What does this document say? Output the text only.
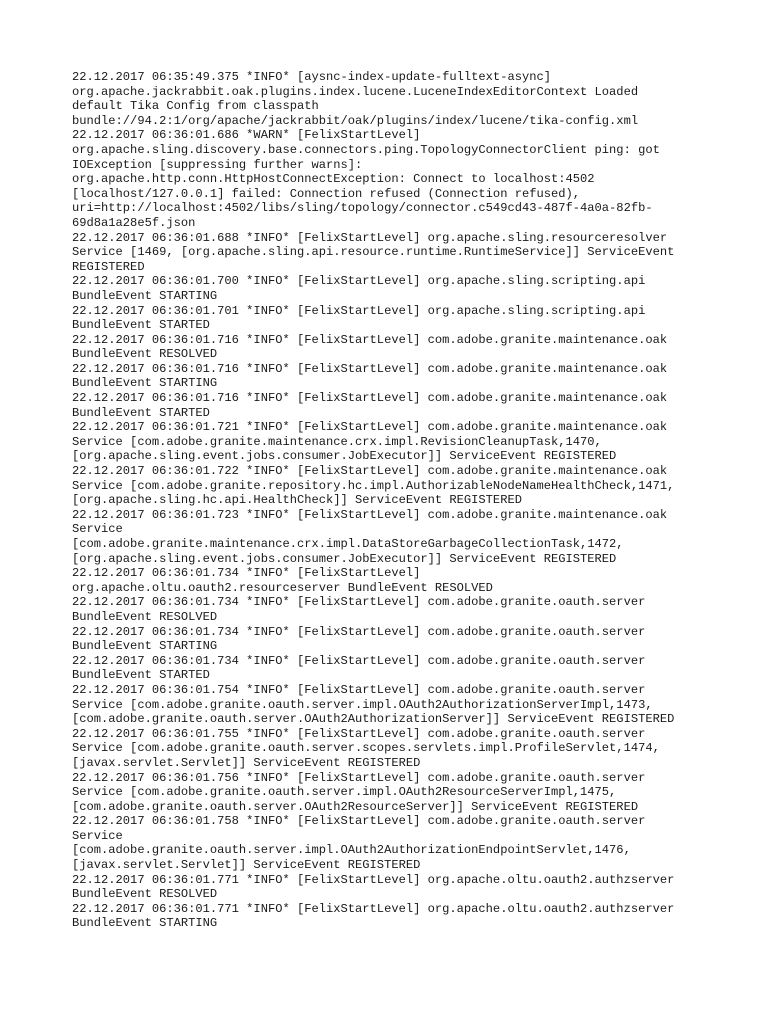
22.12.2017 06:35:49.375 *INFO* [aysnc-index-update-fulltext-async]
org.apache.jackrabbit.oak.plugins.index.lucene.LuceneIndexEditorContext Loaded
default Tika Config from classpath
bundle://94.2:1/org/apache/jackrabbit/oak/plugins/index/lucene/tika-config.xml
22.12.2017 06:36:01.686 *WARN* [FelixStartLevel]
org.apache.sling.discovery.base.connectors.ping.TopologyConnectorClient ping: got
IOException [suppressing further warns]:
org.apache.http.conn.HttpHostConnectException: Connect to localhost:4502
[localhost/127.0.0.1] failed: Connection refused (Connection refused),
uri=http://localhost:4502/libs/sling/topology/connector.c549cd43-487f-4a0a-82fb-
69d8a1a28e5f.json
22.12.2017 06:36:01.688 *INFO* [FelixStartLevel] org.apache.sling.resourceresolver
Service [1469, [org.apache.sling.api.resource.runtime.RuntimeService]] ServiceEvent
REGISTERED
22.12.2017 06:36:01.700 *INFO* [FelixStartLevel] org.apache.sling.scripting.api
BundleEvent STARTING
22.12.2017 06:36:01.701 *INFO* [FelixStartLevel] org.apache.sling.scripting.api
BundleEvent STARTED
22.12.2017 06:36:01.716 *INFO* [FelixStartLevel] com.adobe.granite.maintenance.oak
BundleEvent RESOLVED
22.12.2017 06:36:01.716 *INFO* [FelixStartLevel] com.adobe.granite.maintenance.oak
BundleEvent STARTING
22.12.2017 06:36:01.716 *INFO* [FelixStartLevel] com.adobe.granite.maintenance.oak
BundleEvent STARTED
22.12.2017 06:36:01.721 *INFO* [FelixStartLevel] com.adobe.granite.maintenance.oak
Service [com.adobe.granite.maintenance.crx.impl.RevisionCleanupTask,1470,
[org.apache.sling.event.jobs.consumer.JobExecutor]] ServiceEvent REGISTERED
22.12.2017 06:36:01.722 *INFO* [FelixStartLevel] com.adobe.granite.maintenance.oak
Service [com.adobe.granite.repository.hc.impl.AuthorizableNodeNameHealthCheck,1471,
[org.apache.sling.hc.api.HealthCheck]] ServiceEvent REGISTERED
22.12.2017 06:36:01.723 *INFO* [FelixStartLevel] com.adobe.granite.maintenance.oak
Service
[com.adobe.granite.maintenance.crx.impl.DataStoreGarbageCollectionTask,1472,
[org.apache.sling.event.jobs.consumer.JobExecutor]] ServiceEvent REGISTERED
22.12.2017 06:36:01.734 *INFO* [FelixStartLevel]
org.apache.oltu.oauth2.resourceserver BundleEvent RESOLVED
22.12.2017 06:36:01.734 *INFO* [FelixStartLevel] com.adobe.granite.oauth.server
BundleEvent RESOLVED
22.12.2017 06:36:01.734 *INFO* [FelixStartLevel] com.adobe.granite.oauth.server
BundleEvent STARTING
22.12.2017 06:36:01.734 *INFO* [FelixStartLevel] com.adobe.granite.oauth.server
BundleEvent STARTED
22.12.2017 06:36:01.754 *INFO* [FelixStartLevel] com.adobe.granite.oauth.server
Service [com.adobe.granite.oauth.server.impl.OAuth2AuthorizationServerImpl,1473,
[com.adobe.granite.oauth.server.OAuth2AuthorizationServer]] ServiceEvent REGISTERED
22.12.2017 06:36:01.755 *INFO* [FelixStartLevel] com.adobe.granite.oauth.server
Service [com.adobe.granite.oauth.server.scopes.servlets.impl.ProfileServlet,1474,
[javax.servlet.Servlet]] ServiceEvent REGISTERED
22.12.2017 06:36:01.756 *INFO* [FelixStartLevel] com.adobe.granite.oauth.server
Service [com.adobe.granite.oauth.server.impl.OAuth2ResourceServerImpl,1475,
[com.adobe.granite.oauth.server.OAuth2ResourceServer]] ServiceEvent REGISTERED
22.12.2017 06:36:01.758 *INFO* [FelixStartLevel] com.adobe.granite.oauth.server
Service
[com.adobe.granite.oauth.server.impl.OAuth2AuthorizationEndpointServlet,1476,
[javax.servlet.Servlet]] ServiceEvent REGISTERED
22.12.2017 06:36:01.771 *INFO* [FelixStartLevel] org.apache.oltu.oauth2.authzserver
BundleEvent RESOLVED
22.12.2017 06:36:01.771 *INFO* [FelixStartLevel] org.apache.oltu.oauth2.authzserver
BundleEvent STARTING
